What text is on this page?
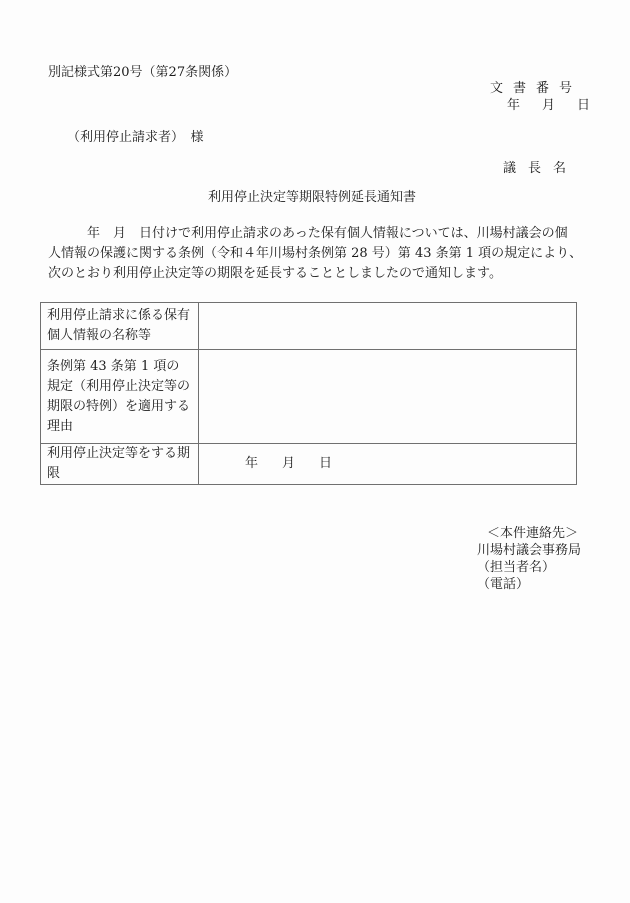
別記様式第20号（第27条関係）
文書番号
年 月 日
（利用停止請求者）　様
議長名
利用停止決定等期限特例延長通知書
　　　年　月　日付けで利用停止請求のあった保有個人情報については、川場村議会の個
人情報の保護に関する条例（令和４年川場村条例第 28 号）第 43 条第 1 項の規定により、
次のとおり利用停止決定等の期限を延長することとしましたので通知します。
利用停止請求に係る保有個人情報の名称等	
条例第 43 条第 1 項の規定（利用停止決定等の期限の特例）を適用する理由	
利用停止決定等をする期限	年 月 日
＜本件連絡先＞
川場村議会事務局
（担当者名）
（電話）
